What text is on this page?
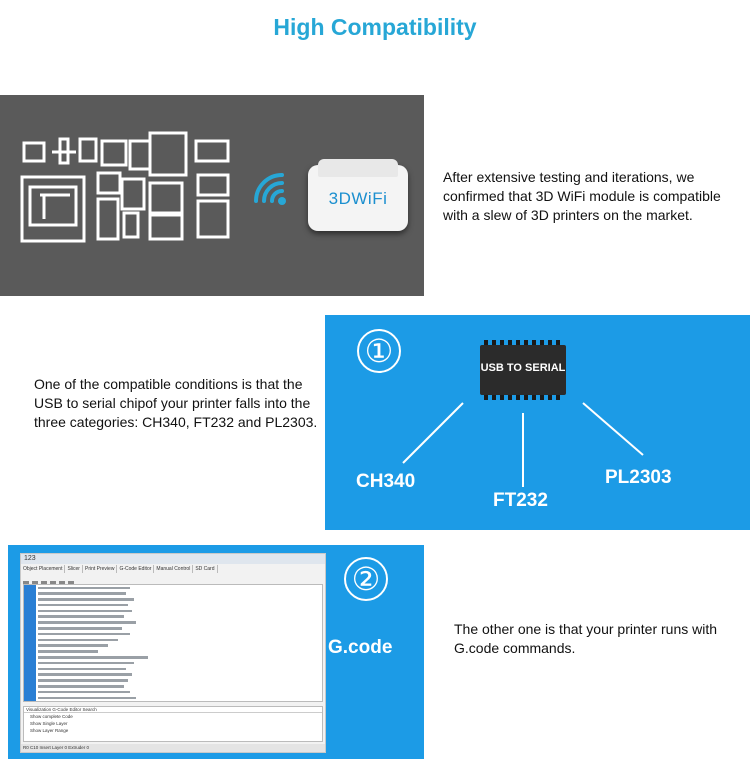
High Compatibility
3DWiFi
After extensive testing and iterations, we confirmed that 3D WiFi module is compatible with a slew of 3D printers on the market.
①	USB TO SERIAL
CH340
FT232
PL2303
One of the compatible conditions is that the USB to serial chipof your printer falls into the three categories: CH340, FT232 and PL2303.
123
Object Placement Slicer Print Preview G-Code Editor Manual Control SD Card
Visualization G-Code Editor Search
Show complete Code
Show Single Layer
Show Layer Range
R0 C10 Insert Layer 0 Extruder 0
②
G.code
The other one is that your printer runs with G.code commands.
